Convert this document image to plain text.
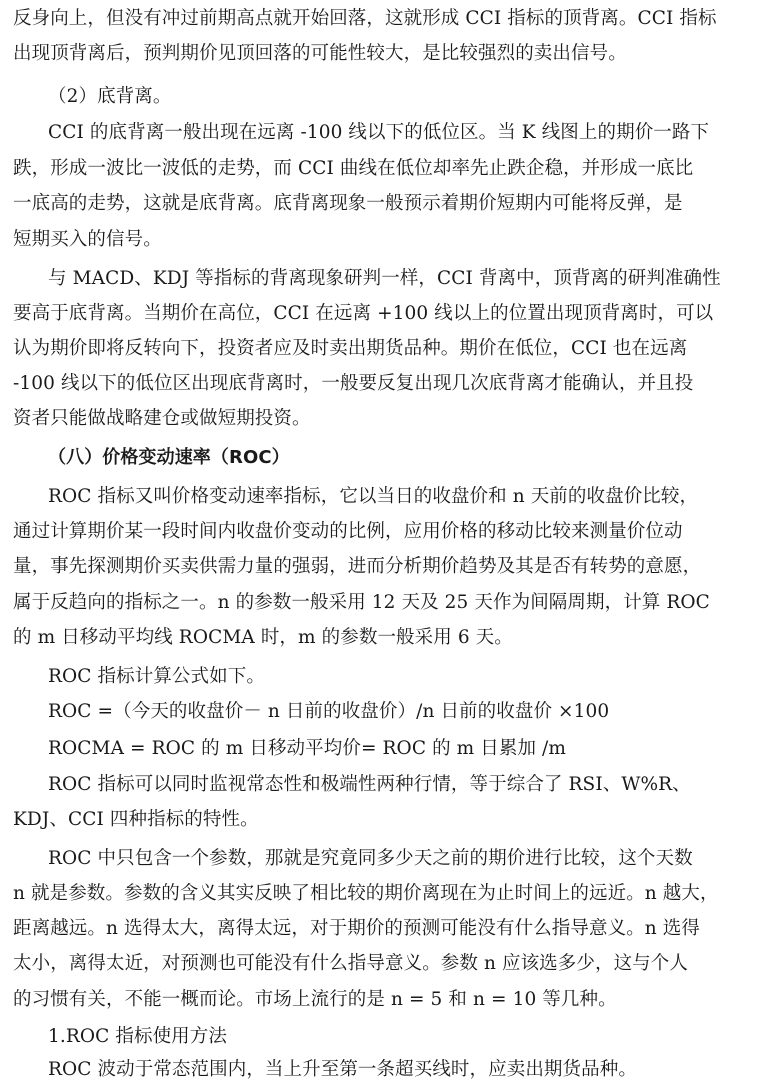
反身向上，但没有冲过前期高点就开始回落，这就形成 CCI 指标的顶背离。CCI 指标
出现顶背离后，预判期价见顶回落的可能性较大，是比较强烈的卖出信号。
（2）底背离。
CCI 的底背离一般出现在远离 -100 线以下的低位区。当 K 线图上的期价一路下
跌，形成一波比一波低的走势，而 CCI 曲线在低位却率先止跌企稳，并形成一底比
一底高的走势，这就是底背离。底背离现象一般预示着期价短期内可能将反弹，是
短期买入的信号。
与 MACD、KDJ 等指标的背离现象研判一样，CCI 背离中，顶背离的研判准确性
要高于底背离。当期价在高位，CCI 在远离 +100 线以上的位置出现顶背离时，可以
认为期价即将反转向下，投资者应及时卖出期货品种。期价在低位，CCI 也在远离
-100 线以下的低位区出现底背离时，一般要反复出现几次底背离才能确认，并且投
资者只能做战略建仓或做短期投资。
（八）价格变动速率（ROC）
ROC 指标又叫价格变动速率指标，它以当日的收盘价和 n 天前的收盘价比较，
通过计算期价某一段时间内收盘价变动的比例，应用价格的移动比较来测量价位动
量，事先探测期价买卖供需力量的强弱，进而分析期价趋势及其是否有转势的意愿，
属于反趋向的指标之一。n 的参数一般采用 12 天及 25 天作为间隔周期，计算 ROC
的 m 日移动平均线 ROCMA 时，m 的参数一般采用 6 天。
ROC 指标计算公式如下。
ROC =（今天的收盘价－ n 日前的收盘价）/n 日前的收盘价 ×100
ROCMA = ROC 的 m 日移动平均价= ROC 的 m 日累加 /m
ROC 指标可以同时监视常态性和极端性两种行情，等于综合了 RSI、W%R、
KDJ、CCI 四种指标的特性。
ROC 中只包含一个参数，那就是究竟同多少天之前的期价进行比较，这个天数
n 就是参数。参数的含义其实反映了相比较的期价离现在为止时间上的远近。n 越大，
距离越远。n 选得太大，离得太远，对于期价的预测可能没有什么指导意义。n 选得
太小，离得太近，对预测也可能没有什么指导意义。参数 n 应该选多少，这与个人
的习惯有关，不能一概而论。市场上流行的是 n = 5 和 n = 10 等几种。
1.ROC 指标使用方法
ROC 波动于常态范围内，当上升至第一条超买线时，应卖出期货品种。
